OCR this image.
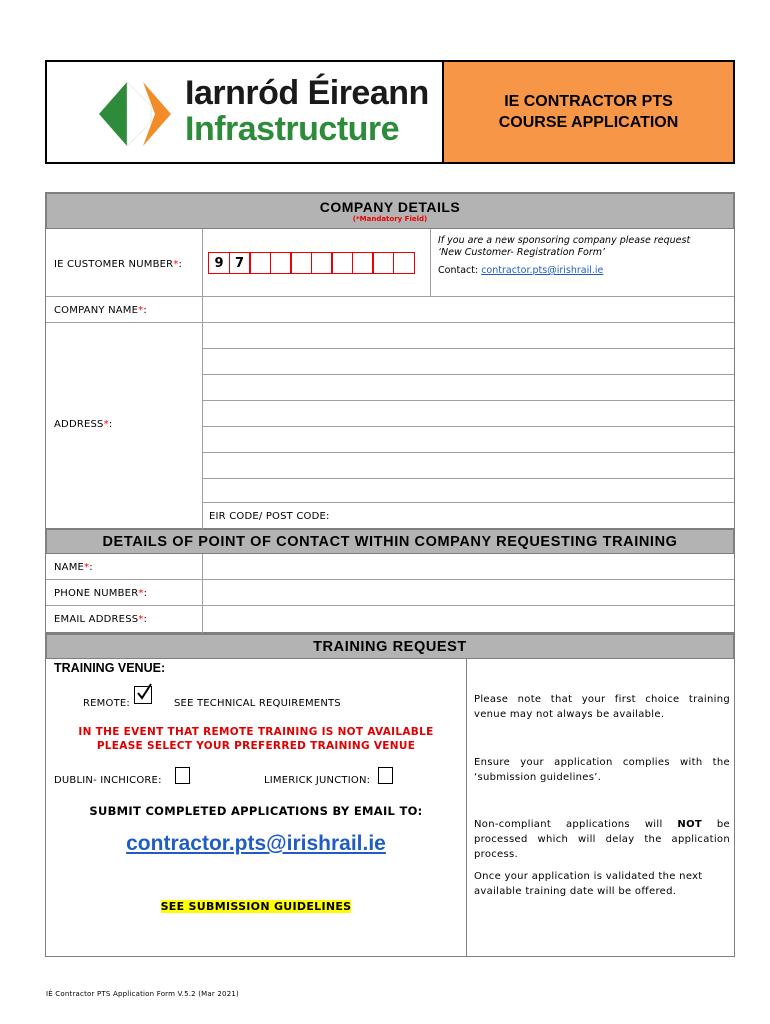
Iarnród Éireann
Infrastructure
IE CONTRACTOR PTS
COURSE APPLICATION
COMPANY DETAILS
(*Mandatory Field)
IE CUSTOMER NUMBER*:	9 7
If you are a new sponsoring company please request
‘New Customer- Registration Form’
Contact: contractor.pts@irishrail.ie
COMPANY NAME*:
ADDRESS*:
EIR CODE/ POST CODE:
DETAILS OF POINT OF CONTACT WITHIN COMPANY REQUESTING TRAINING
NAME*:
PHONE NUMBER*:
EMAIL ADDRESS*:
TRAINING REQUEST
TRAINING VENUE:
REMOTE:	SEE TECHNICAL REQUIREMENTS
IN THE EVENT THAT REMOTE TRAINING IS NOT AVAILABLE
PLEASE SELECT YOUR PREFERRED TRAINING VENUE
DUBLIN- INCHICORE:	LIMERICK JUNCTION:
SUBMIT COMPLETED APPLICATIONS BY EMAIL TO:
contractor.pts@irishrail.ie
SEE SUBMISSION GUIDELINES
Please note that your first choice training venue may not always be available.
Ensure your application complies with the ‘submission guidelines’.
Non-compliant applications will NOT be processed which will delay the application process.
Once your application is validated the next available training date will be offered.
IÉ Contractor PTS Application Form V.5.2 (Mar 2021)
